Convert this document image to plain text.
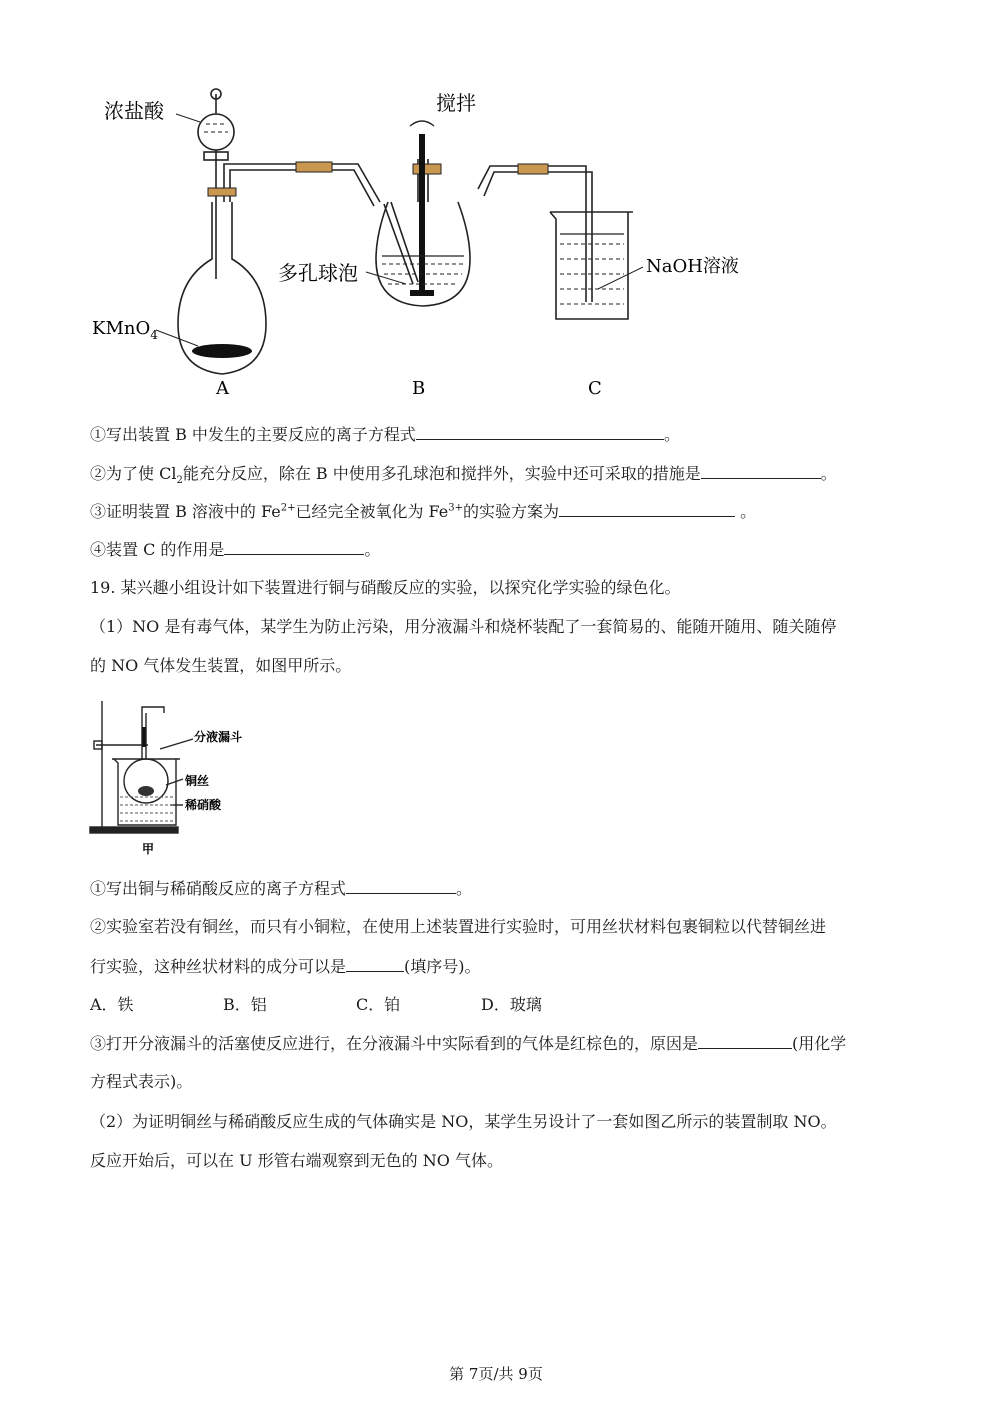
浓盐酸	搅拌
KMnO$_4$
多孔球泡	NaOH溶液
A	B	C
①写出装置 B 中发生的主要反应的离子方程式	。
②为了使 $Cl_2$能充分反应，除在 B 中使用多孔球泡和搅拌外，实验中还可采取的措施是	。
③证明装置 B 溶液中的 $Fe^{2+}$已经完全被氧化为 $Fe^{3+}$的实验方案为	。
④装置 C 的作用是	。
19. 某兴趣小组设计如下装置进行铜与硝酸反应的实验，以探究化学实验的绿色化。
（1）NO 是有毒气体，某学生为防止污染，用分液漏斗和烧杯装配了一套简易的、能随开随用、随关随停
的 NO 气体发生装置，如图甲所示。
分液漏斗
铜丝
稀硝酸
甲
①写出铜与稀硝酸反应的离子方程式	。
②实验室若没有铜丝，而只有小铜粒，在使用上述装置进行实验时，可用丝状材料包裹铜粒以代替铜丝进
行实验，这种丝状材料的成分可以是	(填序号)。
A．铁	B．铝	C．铂	D．玻璃
③打开分液漏斗的活塞使反应进行，在分液漏斗中实际看到的气体是红棕色的，原因是	(用化学
方程式表示)。
（2）为证明铜丝与稀硝酸反应生成的气体确实是 NO，某学生另设计了一套如图乙所示的装置制取 NO。
反应开始后，可以在 U 形管右端观察到无色的 NO 气体。
第 7页/共 9页
